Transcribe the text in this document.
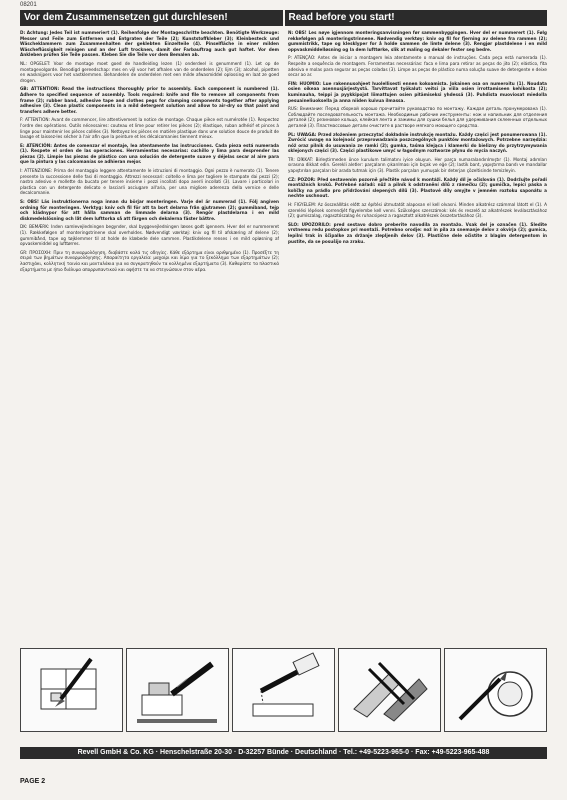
08201
Vor dem Zusammensetzen gut durchlesen!	Read before you start!

D: Achtung: Jedes Teil ist nummeriert (1). Reihenfolge der Montageschritte beachten. Benötigte Werkzeuge: Messer und Feile zum Entfernen und Entgraten der Teile (2); Kunststoffkleber (3); Kleinbesteck und Wäscheklammern zum Zusammenhalten der geklebten Einzelteile (4). Pinselfläche in einer milden Wäscheflüssigkeit reinigen und an der Luft trocknen, damit der Farbauftrag auch gut haftet. Vor dem Ankleben prüfen Sie Teile passen. Kleben Sie die Teile vor dem Bemalen ab.

NL: OPGELET: Voor de montage moet goed de handleiding lezen (1) onderdeel is genummerd (1). Let op de montagevolgorde. Benodigd gereedschap: mes en vijl voor het afhalen van de onderdelen (2); lijm (3); alcohol, pipetten en wasknijpers voor het vastklemmen. Behandelen de onderdelen met een milde afwasmiddel oplossing en laat ze goed drogen.

GB: ATTENTION: Read the instructions thoroughly prior to assembly. Each component is numbered (1). Adhere to specified sequence of assembly. Tools required: knife and file to remove all components from frame (2); rubber band, adhesive tape and clothes pegs for clamping components together after applying adhesive (3). Clean plastic components in a mild detergent solution and allow to air-dry so that paint and transfers adhere better.

F: ATTENTION: Avant de commencer, lire attentivement la notice de montage. Chaque pièce est numérotée (1). Respectez l'ordre des opérations. Outils nécessaires: couteau et lime pour retirer les pièces (2); élastique, ruban adhésif et pinces à linge pour maintenir les pièces collées (3). Nettoyez les pièces en matière plastique dans une solution douce de produit de lavage et laissez-les sécher à l'air afin que la peinture et les décalcomanies tiennent mieux.

E: ATENCIÓN: Antes de comenzar el montaje, lea atentamente las instrucciones. Cada pieza está numerada (1). Respete el orden de las operaciones. Herramientas necesarias: cuchillo y lima para desprender las piezas (2). Limpie las piezas de plástico con una solución de detergente suave y déjelas secar al aire para que la pintura y las calcomanías se adhieran mejor.

I: ATTENZIONE: Prima del montaggio leggere attentamente le istruzioni di montaggio. Ogni pezzo è numerato (1). Tenere presente la successione delle fasi di montaggio. Attrezzi necessari: coltello e lima per togliere le stampate dai pezzi (2); nastro adesivo e mollette da bucato per tenere insieme i pezzi incollati dopo averli incollati (3). Lavare i particolari in plastica con un detergente delicato e lasciarli asciugare all'aria, per una migliore aderenza della vernice e delle decalcomanie.

S: OBS! Läs instruktionerna noga innan du börjar monteringen. Varje del är numrerad (1). Följ angiven ordning för monteringen. Verktyg: kniv och fil för att ta bort delarna från gjutramen (2); gummiband, tejp och klädnypor för att hålla samman de limmade delarna (3). Rengör plastdelarna i en mild diskmedelslösning och låt dem lufttorka så att färgen och dekalerna fäster bättre.

DK: BEMÆRK: Inden samlevejledningen begynder, skal byggevejledningen læses godt igennem. Hver del er nummereret (1). Rækkefølgen af monteringstrinene skal overholdes. Nødvendigt værktøj: kniv og fil til afskæring af delene (2); gummibånd, tape og tøjklemmer til at holde de klæbede dele sammen. Plastikdelene renses i en mild opløsning af opvaskemiddel og lufttørres.

GR: ΠΡΟΣΟΧΗ: Πριν τη συναρμολόγηση, διαβάστε καλά τις οδηγίες. Κάθε εξάρτημα είναι αριθμημένο (1). Προσέξτε τη σειρά των βημάτων συναρμολόγησης. Απαραίτητα εργαλεία: μαχαίρι και λίμα για το ξεκόλλημα των εξαρτημάτων (2); λαστιχάκι, κολλητική ταινία και μανταλάκια για να συγκρατηθούν τα κολλημένα εξαρτήματα (3). Καθαρίστε τα πλαστικά εξαρτήματα με ήπιο διάλυμα απορρυπαντικού και αφήστε τα να στεγνώσουν στον αέρα.

N: OBS! Les nøye igjennom monteringsanvisningen før sammenbyggingen. Hver del er nummerert (1). Følg rekkefølgen på monteringstrinnene. Nødvendig verktøy: kniv og fil for fjerning av delene fra rammen (2); gummistrikk, tape og klesklyper for å holde sammen de limte delene (3). Rengjør plastdelene i en mild oppvaskmiddelløsning og la dem lufttørke, slik at maling og dekaler fester seg bedre.

P: ATENÇÃO: Antes de iniciar a montagem leia atentamente o manual de instruções. Cada peça está numerada (1). Respeite a sequência de montagem. Ferramentas necessárias: faca e lima para retirar as peças do jito (2); elástico, fita adesiva e molas para segurar as peças coladas (3). Limpe as peças de plástico numa solução suave de detergente e deixe secar ao ar.

FIN: HUOMIO: Lue rakennusohjeet huolellisesti ennen kokoamista. Jokainen osa on numeroitu (1). Noudata osien oikeaa asennusjärjestystä. Tarvittavat työkalut: veitsi ja viila osien irrottamiseen kehikosta (2); kuminauha, teippi ja pyykkipojat liimattujen osien pitämiseksi yhdessä (3). Puhdista muoviosat miedolla pesuaineliuoksella ja anna niiden kuivua ilmassa.

RUS: Внимание: Перед сборкой хорошо прочитайте руководство по монтажу. Каждая деталь пронумерована (1). Соблюдайте последовательность монтажа. Необходимые рабочие инструменты: нож и напильник для отделения деталей (2); резиновое кольцо, клейкая лента и зажимы для сушки белья для удерживания склеенных отдельных деталей (3). Пластмассовые детали очистите в растворе мягкого моющего средства.

PL: UWAGA: Przed złożeniem przeczytać dokładnie instrukcję montażu. Każdy części jest ponumerowana (1). Zwrócić uwagę na kolejność przeprowadzania poszczególnych punktów montażowych. Potrzebne narzędzia: nóż oraz pilnik do usuwania ze ramki (2); gumka, taśma klejąca i klamerki do bielizny do przytrzymywania sklejonych części (3). Części plastikowe umyć w łagodnym roztworze płynu do mycia naczyń.

TR: DİKKAT: Birleştirmeden önce kurulum talimatını iyice okuyun. Her parça numaralandırılmıştır (1). Montaj adımları sırasına dikkat edin. Gerekli aletler: parçaların çıkarılması için bıçak ve eğe (2); lastik bant, yapıştırma bandı ve mandallar yapıştırılan parçaları bir arada tutmak için (3). Plastik parçaları yumuşak bir deterjan çözeltisinde temizleyin.

CZ: POZOR: Před sestavením pozorně přečtěte návod k montáži. Každý díl je očíslován (1). Dodržujte pořadí montážních kroků. Potřebné nářadí: nůž a pilník k odstranění dílů z rámečku (2); gumička, lepicí páska a kolíčky na prádlo pro přidržování slepených dílů (3). Plastové díly omyjte v jemném roztoku saponátu a nechte uschnout.

H: FIGYELEM: Az összeállítás előtt az építési útmutatót alaposan el kell olvasni. Minden alkatrész számmal látott el (1). A szerelési lépések sorrendjét figyelembe kell venni. Szükséges szerszámok: kés és reszelő az alkatrészek leválasztásához (2); gumiszalag, ragasztószalag és ruhacsipesz a ragasztott alkatrészek összetartásához (3).

SLO: UPOZORILO: pred sestavo dobro preberite navodila za montažo. Vsak del je označen (1). Sledite vrstnemu redu postopkov pri montaži. Potrebno orodje: nož in pila za snemanje delov z okvirja (2); gumica, lepilni trak in ščipalke za držanje zlepljenih delov (3). Plastične dele očistite z blagim detergentom in pustite, da se posušijo na zraku.

Revell GmbH & Co. KG · Henschelstraße 20-30 · D-32257 Bünde · Deutschland · Tel.: +49-5223-965-0 · Fax: +49-5223-965-488
PAGE 2
